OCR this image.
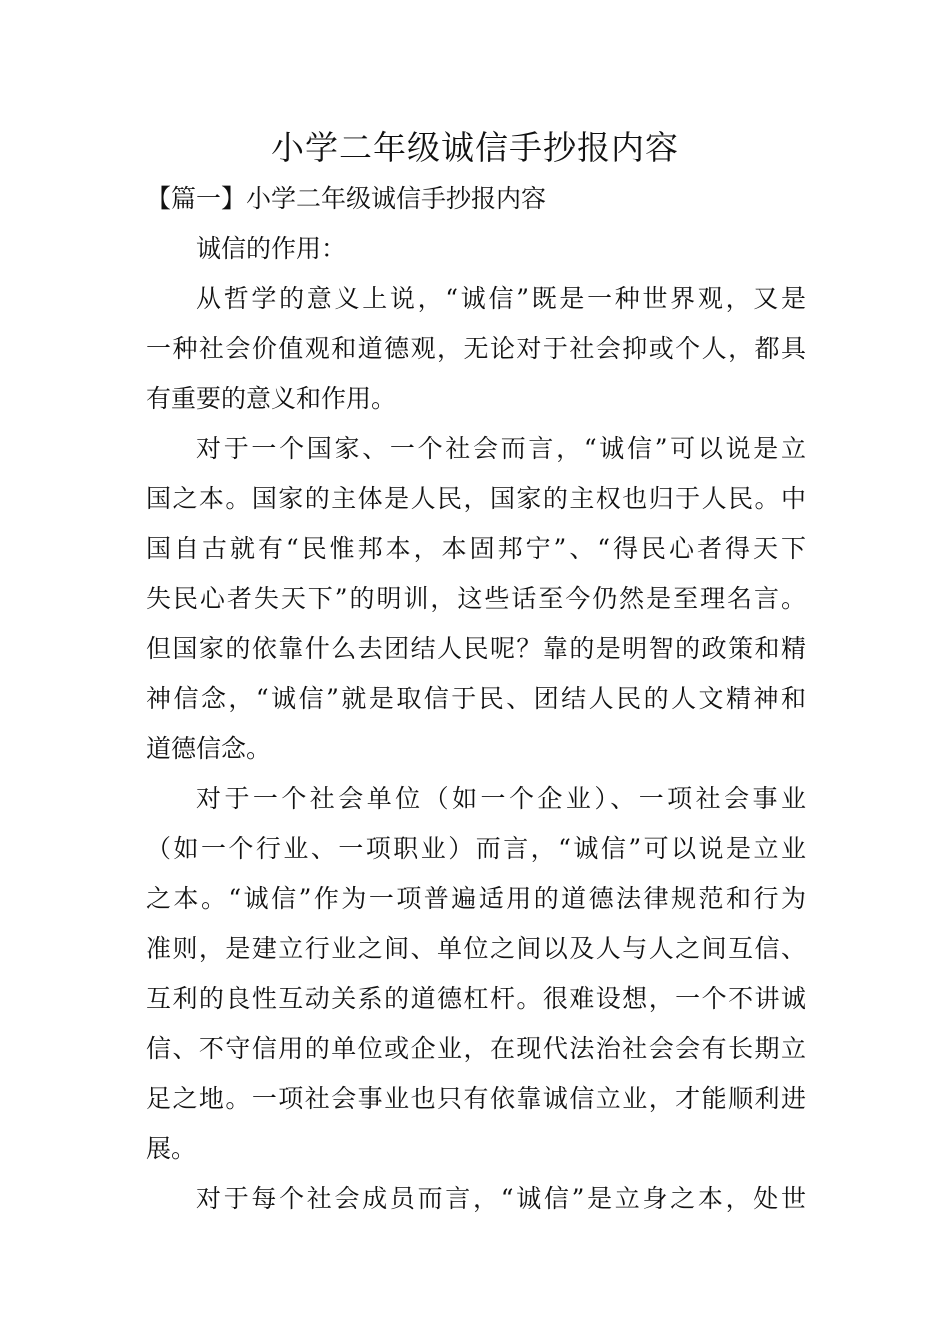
小学二年级诚信手抄报内容
【篇一】小学二年级诚信手抄报内容
诚信的作用：
从哲学的意义上说，“诚信”既是一种世界观，又是
一种社会价值观和道德观，无论对于社会抑或个人，都具
有重要的意义和作用。
对于一个国家、一个社会而言，“诚信”可以说是立
国之本。国家的主体是人民，国家的主权也归于人民。中
国自古就有“民惟邦本，本固邦宁”、“得民心者得天下
失民心者失天下”的明训，这些话至今仍然是至理名言。
但国家的依靠什么去团结人民呢？靠的是明智的政策和精
神信念，“诚信”就是取信于民、团结人民的人文精神和
道德信念。
对于一个社会单位（如一个企业）、一项社会事业
（如一个行业、一项职业）而言，“诚信”可以说是立业
之本。“诚信”作为一项普遍适用的道德法律规范和行为
准则，是建立行业之间、单位之间以及人与人之间互信、
互利的良性互动关系的道德杠杆。很难设想，一个不讲诚
信、不守信用的单位或企业，在现代法治社会会有长期立
足之地。一项社会事业也只有依靠诚信立业，才能顺利进
展。
对于每个社会成员而言，“诚信”是立身之本，处世
